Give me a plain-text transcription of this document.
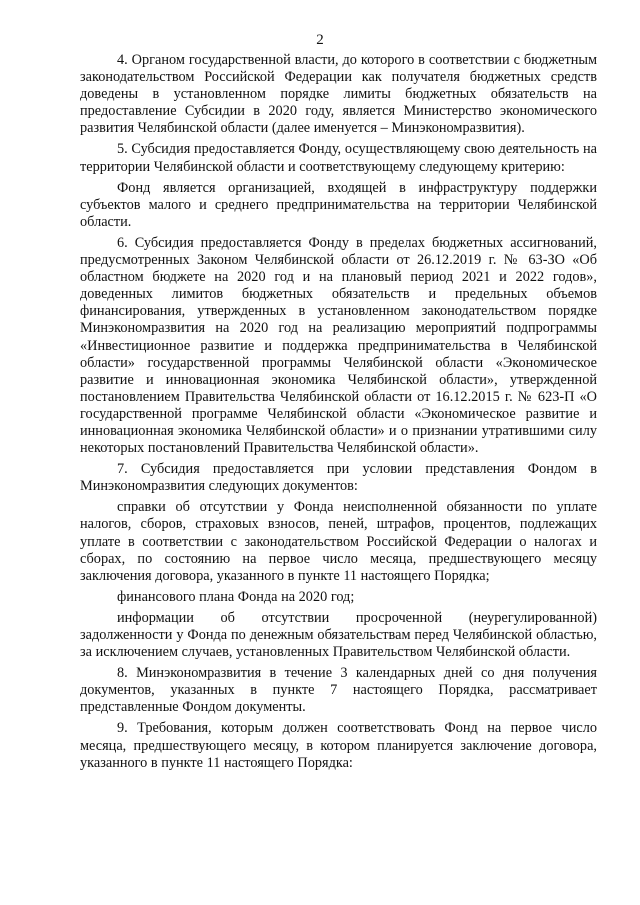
2

4. Органом государственной власти, до которого в соответствии с бюджетным законодательством Российской Федерации как получателя бюджетных средств доведены в установленном порядке лимиты бюджетных обязательств на предоставление Субсидии в 2020 году, является Министерство экономического развития Челябинской области (далее именуется – Минэкономразвития).

5. Субсидия предоставляется Фонду, осуществляющему свою деятельность на территории Челябинской области и соответствующему следующему критерию:

Фонд является организацией, входящей в инфраструктуру поддержки субъектов малого и среднего предпринимательства на территории Челябинской области.

6. Субсидия предоставляется Фонду в пределах бюджетных ассигнований, предусмотренных Законом Челябинской области от 26.12.2019 г. № 63-ЗО «Об областном бюджете на 2020 год и на плановый период 2021 и 2022 годов», доведенных лимитов бюджетных обязательств и предельных объемов финансирования, утвержденных в установленном законодательством порядке Минэкономразвития на 2020 год на реализацию мероприятий подпрограммы «Инвестиционное развитие и поддержка предпринимательства в Челябинской области» государственной программы Челябинской области «Экономическое развитие и инновационная экономика Челябинской области», утвержденной постановлением Правительства Челябинской области от 16.12.2015 г. № 623-П «О государственной программе Челябинской области «Экономическое развитие и инновационная экономика Челябинской области» и о признании утратившими силу некоторых постановлений Правительства Челябинской области».

7. Субсидия предоставляется при условии представления Фондом в Минэкономразвития следующих документов:

справки об отсутствии у Фонда неисполненной обязанности по уплате налогов, сборов, страховых взносов, пеней, штрафов, процентов, подлежащих уплате в соответствии с законодательством Российской Федерации о налогах и сборах, по состоянию на первое число месяца, предшествующего месяцу заключения договора, указанного в пункте 11 настоящего Порядка;

финансового плана Фонда на 2020 год;

информации об отсутствии просроченной (неурегулированной) задолженности у Фонда по денежным обязательствам перед Челябинской областью, за исключением случаев, установленных Правительством Челябинской области.

8. Минэкономразвития в течение 3 календарных дней со дня получения документов, указанных в пункте 7 настоящего Порядка, рассматривает представленные Фондом документы.

9. Требования, которым должен соответствовать Фонд на первое число месяца, предшествующего месяцу, в котором планируется заключение договора, указанного в пункте 11 настоящего Порядка:
